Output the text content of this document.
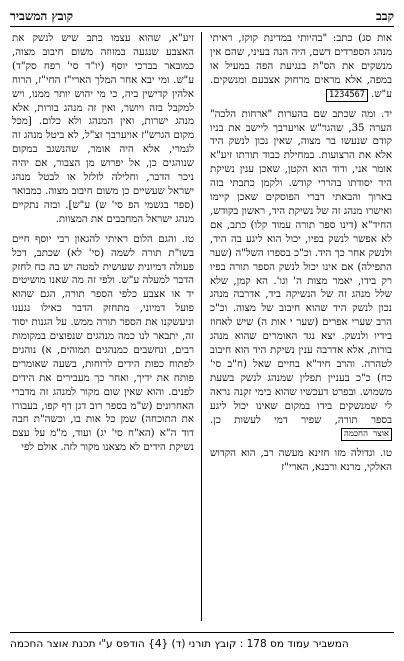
קבב
קובץ המשביר

אות סג) כתב: "בהיותי במדינת קוקז, ראיתי מנהג הספרדים דשם, היה הנה בעיני, שהם אין מנשקים את הס"ת בנגיעת הפה במעיל או במפה, אלא מראים מרחוק אצבעם ומנשקים. ע"ש. 1234567

יד. ומה שכתב שם בהערות "ארחות הלכה" הערה 35, שהגר"ש אויערבך ליישב את בניו קודם שנעשו בר מצוה, שאין נכון לנשק היד אלא את הרצועות. במחילת כבוד תורתו זיע"א אומר אני, ודוד הוא הקטן, שאכן ענין נשיקת היד יסודתו בהררי קודש. ולקמן כתבתי בזה בארוך והבאתי דברי הפוסקים שאכן קיימו ואישרו מנהג זה של נשיקת היד, ראשון בקודש, החיד"א (דינו ספר תורה עמוד קלו) כתב, אם לא אפשר לנשק בפיו, יכול הוא ליגע בה היד, ולנשק אחר כך היד. וכ"כ בספרו השל"ה (שער התפילה) אם אינו יכול לנשק הספר תורה בפיו רק בידו, יאמר מצות ה' וגו'. הא קמן, שלא שלל מנהג זה של הנשיקה ביד, אדרבה מנהג נכון לנשק היד שהוא חיבוב של מצוה. וכ"כ הרב שערי אפרים (שער י אות ה) שיש לאחוז בידיו ולנשק. יצא נגד האומרים שהוא מנהג בורות, אלא אדרבה ענין נשיקת היד הוא חיבוב לטהרה. והרב חיד"א בחיים שאל (ח"ב סי' כח) כ"כ בעניין תפלין שמנהג לנשק בשעת משמוש. ובפרט דעכשיו שהוא בימי זקנה נראה לי שמנשקים בידו במקום שאינו יכול ליגע בספר תורה, שפיר דמי לעשות כן. אוצר החכמה

טו. וגדולה מזו חזינא מעשה רב, הוא הקדוש האלקי, מרנא ורבנא, הארי"ז

זיע"א, שהוא עצמו כתב שיש לנשק את האצבע שנגעה במזוזה משום חיבוב מצוה, כמובאר בברכי יוסף (יו"ד סי' רפח סק"ד) ע"ש. ומי יבא אחר המלך הארי"ז החי"ז, הרוח אלהין קדישין ביה, כי מי יהוש יותר ממנו, ויש למקבל בזה ויושר, ואין זה מנהג בורות, אלא מנהג ישרות, ואין המנהג ולא כלום. [מכל מקום הגרש"ז אויערבך זצ"ל, לא ביטל מנהג זה לגמרי, אלא היה אומר, שהנשגב במקום שנוהגים כן, אל יפרוש מן הצבור, אם יהיה ניכר הדבר, וחלילה לזלזל או לבטל מנהג ישראל שעשיים כן משום חיבוב מצוה. כמבואר (ספר בגשמי הפ סי' ש) ע"ש]. ובזה נתקיים מנהג ישראל המחבבים את המצוות.

טז. והגם הלום ראיתי להגאון רבי יוסף חיים בשו"ת תורה לשמה (סי' לא) שכתב, דכל פעולה דמיונית שעושית למטה יש בה כח לחזק הדבר למעלה ע"ש. ולפי זה מה שאנו מושיטים יד או אצבע כלפי הספר תורה, הגם שהוא פועל דמיוני, מתחזק הדבר כאילו נגענו וניעשקנו את הספר תורה ממש. על הגנות יסוד זה, יתבאר לנו כמה מנהגים שנפוצים במקומות רבים, ונחשבים כמנהגים תמוהים, א) נוהגים לפתוח כפות הידים לרוחות, בשעה שאומרים פותח את ידיך, ואחר כך מעבירים את הידים לפנים. והוא שאין שום מקור למנהג זה מדברי האחרונים (ש"מ בספר רוב דגן דף קפו, בעבורו את התוכחה) שמן כל אות בו, וכשה"ת חבה דוד ה"א (הא"ח סי' יג) ועוד, מ"מ על עצם נשיקת הידים לא מצאנו מקור לזה. אולם לפי

המשביר עמוד מס 178 : קובץ תורני (ד) {4} הודפס ע"י תכנת אוצר החכמה
